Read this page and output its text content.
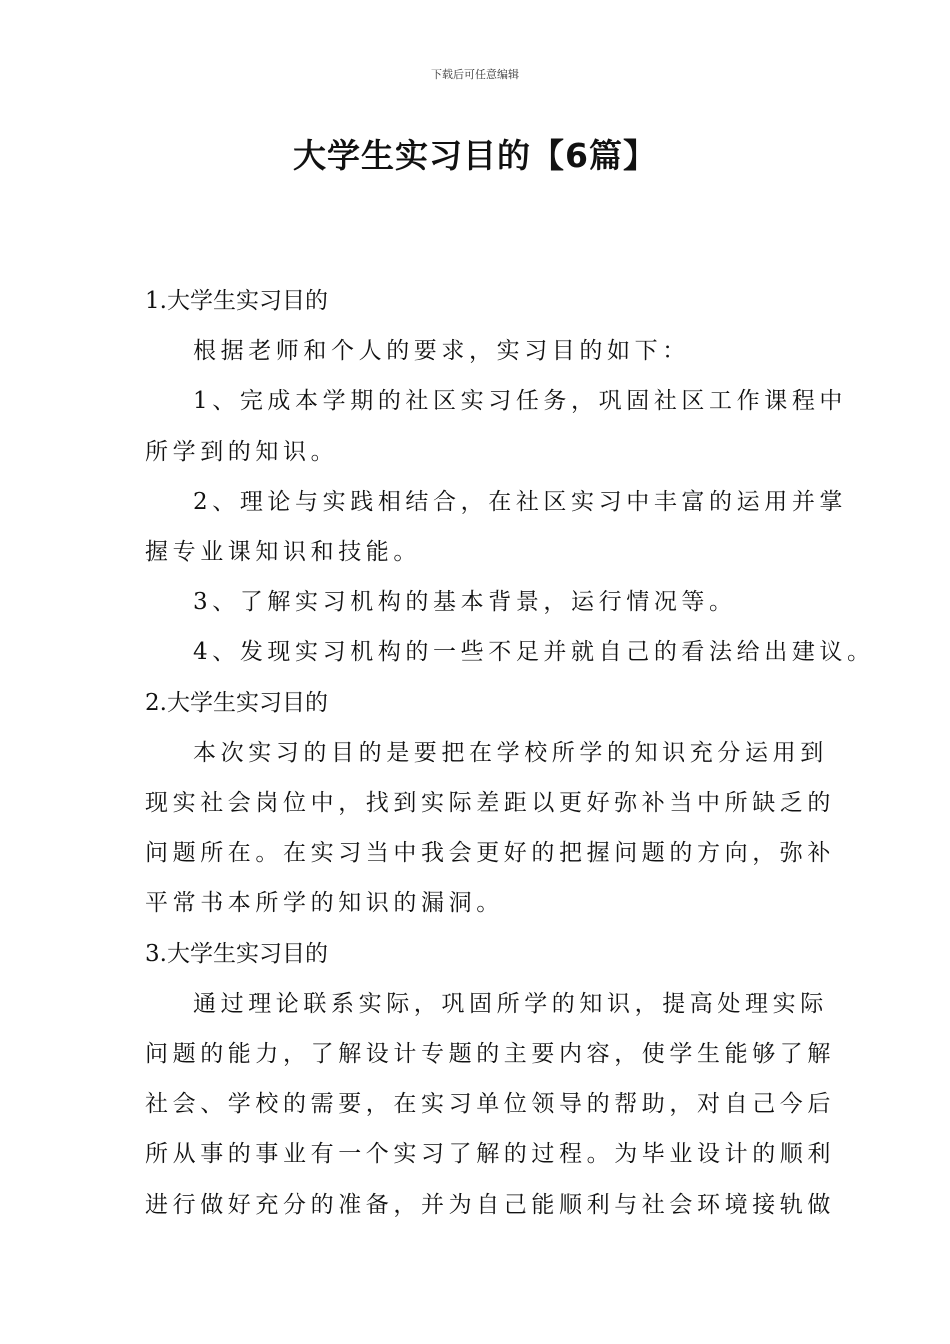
下载后可任意编辑
大学生实习目的【6篇】

1.大学生实习目的

根据老师和个人的要求，实习目的如下：

1、完成本学期的社区实习任务，巩固社区工作课程中

所学到的知识。

2、理论与实践相结合，在社区实习中丰富的运用并掌

握专业课知识和技能。

3、了解实习机构的基本背景，运行情况等。

4、发现实习机构的一些不足并就自己的看法给出建议。

2.大学生实习目的

本次实习的目的是要把在学校所学的知识充分运用到

现实社会岗位中，找到实际差距以更好弥补当中所缺乏的

问题所在。在实习当中我会更好的把握问题的方向，弥补

平常书本所学的知识的漏洞。

3.大学生实习目的

通过理论联系实际，巩固所学的知识，提高处理实际

问题的能力，了解设计专题的主要内容，使学生能够了解

社会、学校的需要，在实习单位领导的帮助，对自己今后

所从事的事业有一个实习了解的过程。为毕业设计的顺利

进行做好充分的准备，并为自己能顺利与社会环境接轨做
